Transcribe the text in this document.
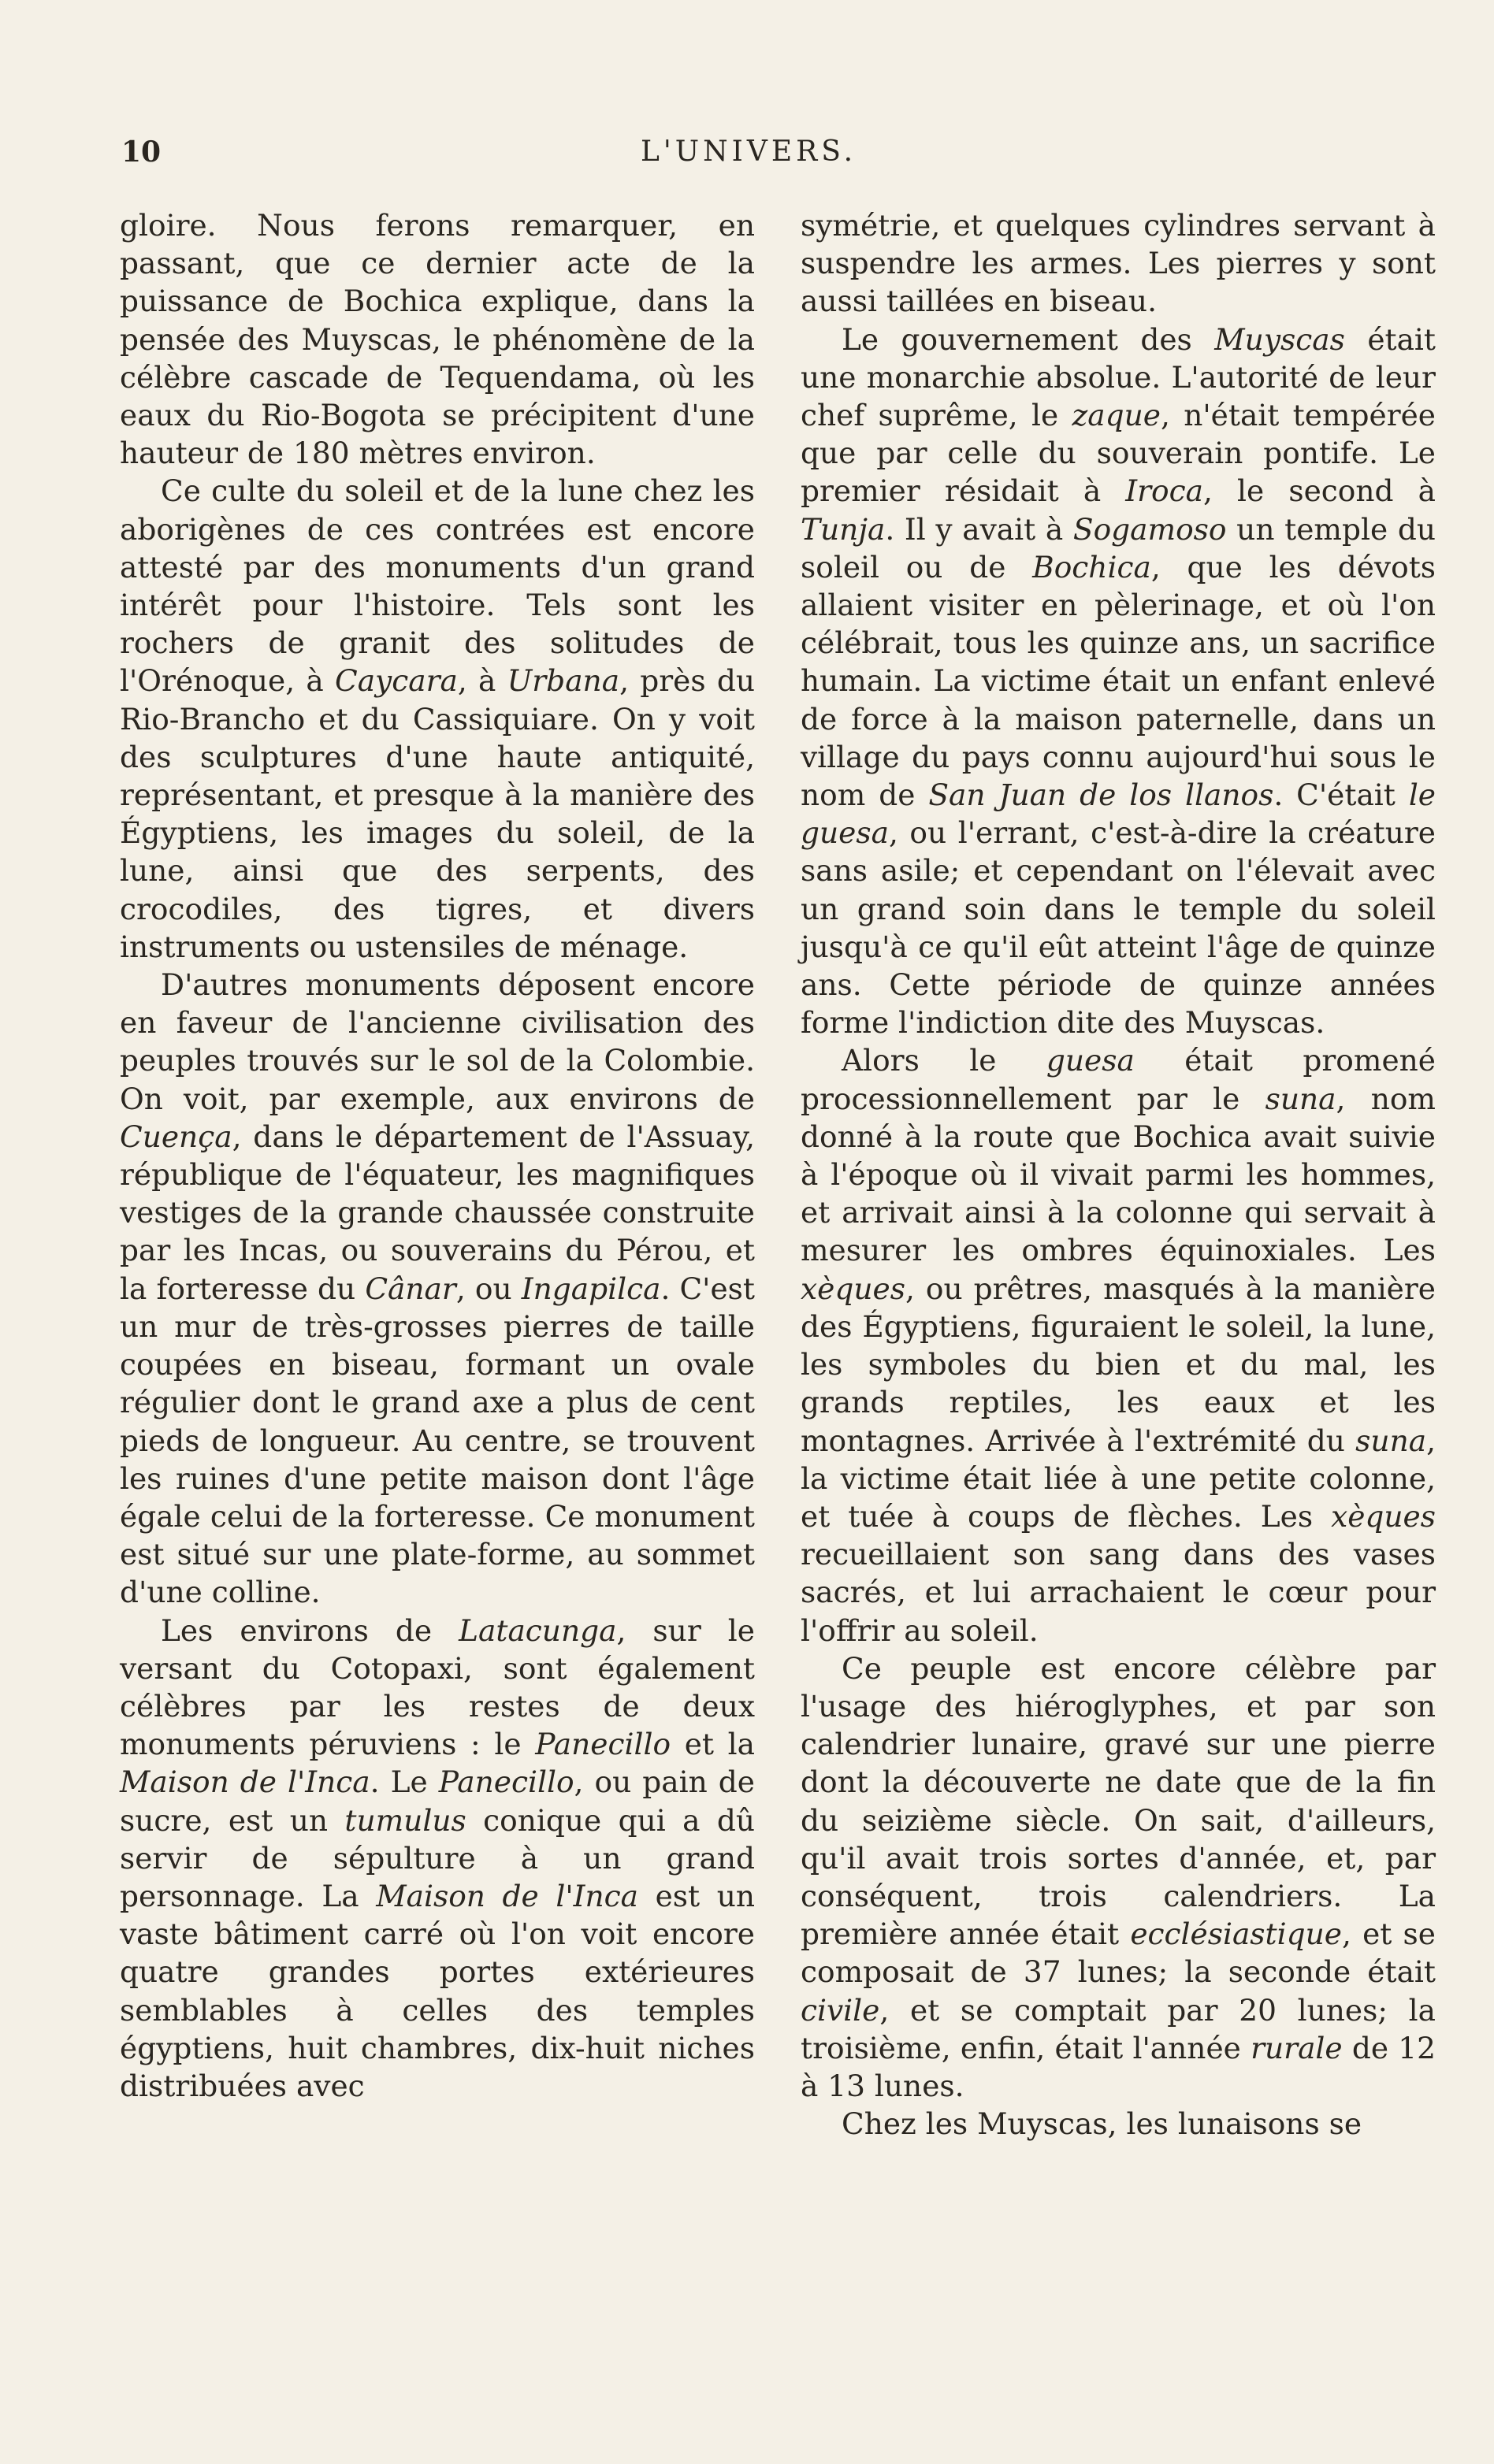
10	L'UNIVERS.

gloire. Nous ferons remarquer, en passant, que ce dernier acte de la puissance de Bochica explique, dans la pensée des Muyscas, le phénomène de la célèbre cascade de Tequendama, où les eaux du Rio-Bogota se précipitent d'une hauteur de 180 mètres environ.

Ce culte du soleil et de la lune chez les aborigènes de ces contrées est encore attesté par des monuments d'un grand intérêt pour l'histoire. Tels sont les rochers de granit des solitudes de l'Orénoque, à Caycara, à Urbana, près du Rio-Brancho et du Cassiquiare. On y voit des sculptures d'une haute antiquité, représentant, et presque à la manière des Égyptiens, les images du soleil, de la lune, ainsi que des serpents, des crocodiles, des tigres, et divers instruments ou ustensiles de ménage.

D'autres monuments déposent encore en faveur de l'ancienne civilisation des peuples trouvés sur le sol de la Colombie. On voit, par exemple, aux environs de Cuença, dans le département de l'Assuay, république de l'équateur, les magnifiques vestiges de la grande chaussée construite par les Incas, ou souverains du Pérou, et la forteresse du Cânar, ou Ingapilca. C'est un mur de très-grosses pierres de taille coupées en biseau, formant un ovale régulier dont le grand axe a plus de cent pieds de longueur. Au centre, se trouvent les ruines d'une petite maison dont l'âge égale celui de la forteresse. Ce monument est situé sur une plate-forme, au sommet d'une colline.

Les environs de Latacunga, sur le versant du Cotopaxi, sont également célèbres par les restes de deux monuments péruviens : le Panecillo et la Maison de l'Inca. Le Panecillo, ou pain de sucre, est un tumulus conique qui a dû servir de sépulture à un grand personnage. La Maison de l'Inca est un vaste bâtiment carré où l'on voit encore quatre grandes portes extérieures semblables à celles des temples égyptiens, huit chambres, dix-huit niches distribuées avec

symétrie, et quelques cylindres servant à suspendre les armes. Les pierres y sont aussi taillées en biseau.

Le gouvernement des Muyscas était une monarchie absolue. L'autorité de leur chef suprême, le zaque, n'était tempérée que par celle du souverain pontife. Le premier résidait à Iroca, le second à Tunja. Il y avait à Sogamoso un temple du soleil ou de Bochica, que les dévots allaient visiter en pèlerinage, et où l'on célébrait, tous les quinze ans, un sacrifice humain. La victime était un enfant enlevé de force à la maison paternelle, dans un village du pays connu aujourd'hui sous le nom de San Juan de los llanos. C'était le guesa, ou l'errant, c'est-à-dire la créature sans asile; et cependant on l'élevait avec un grand soin dans le temple du soleil jusqu'à ce qu'il eût atteint l'âge de quinze ans. Cette période de quinze années forme l'indiction dite des Muyscas.

Alors le guesa était promené processionnellement par le suna, nom donné à la route que Bochica avait suivie à l'époque où il vivait parmi les hommes, et arrivait ainsi à la colonne qui servait à mesurer les ombres équinoxiales. Les xèques, ou prêtres, masqués à la manière des Égyptiens, figuraient le soleil, la lune, les symboles du bien et du mal, les grands reptiles, les eaux et les montagnes. Arrivée à l'extrémité du suna, la victime était liée à une petite colonne, et tuée à coups de flèches. Les xèques recueillaient son sang dans des vases sacrés, et lui arrachaient le cœur pour l'offrir au soleil.

Ce peuple est encore célèbre par l'usage des hiéroglyphes, et par son calendrier lunaire, gravé sur une pierre dont la découverte ne date que de la fin du seizième siècle. On sait, d'ailleurs, qu'il avait trois sortes d'année, et, par conséquent, trois calendriers. La première année était ecclésiastique, et se composait de 37 lunes; la seconde était civile, et se comptait par 20 lunes; la troisième, enfin, était l'année rurale de 12 à 13 lunes.

Chez les Muyscas, les lunaisons se
